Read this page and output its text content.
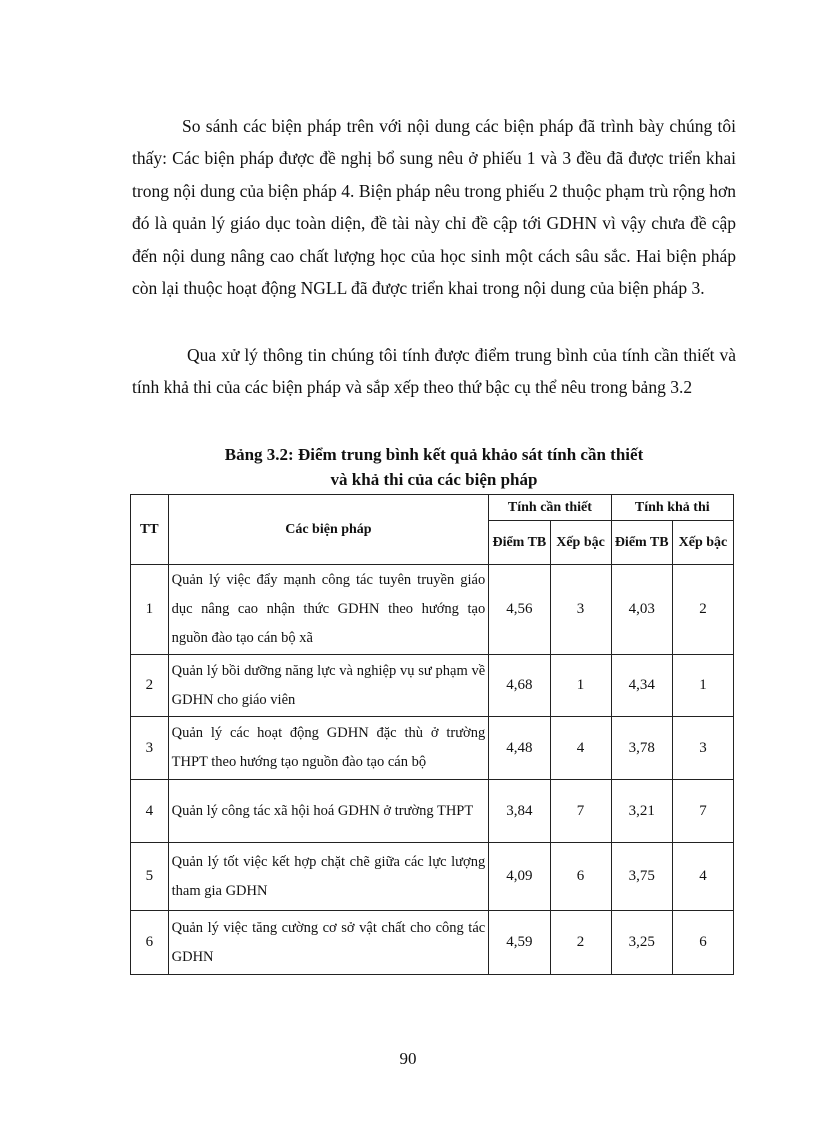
So sánh các biện pháp trên với nội dung các biện pháp đã trình bày chúng tôi thấy: Các biện pháp được đề nghị bổ sung nêu ở phiếu 1 và 3 đều đã được triển khai trong nội dung của biện pháp 4. Biện pháp nêu trong phiếu 2 thuộc phạm trù rộng hơn đó là quản lý giáo dục toàn diện, đề tài này chỉ đề cập tới GDHN vì vậy chưa đề cập đến nội dung nâng cao chất lượng học của học sinh một cách sâu sắc. Hai biện pháp còn lại thuộc hoạt động NGLL đã được triển khai trong nội dung của biện pháp 3.

Qua xử lý thông tin chúng tôi tính được điểm trung bình của tính cần thiết và tính khả thi của các biện pháp và sắp xếp theo thứ bậc cụ thể nêu trong bảng 3.2

Bảng 3.2: Điểm trung bình kết quả khảo sát tính cần thiết
và khả thi của các biện pháp
TT	Các biện pháp	Tính cần thiết		Tính khả thi	
		Điểm TB	Xếp bậc	Điểm TB	Xếp bậc
1	Quản lý việc đẩy mạnh công tác tuyên truyền giáo dục nâng cao nhận thức GDHN theo hướng tạo nguồn đào tạo cán bộ xã	4,56	3	4,03	2
2	Quản lý bồi dưỡng năng lực và nghiệp vụ sư phạm về GDHN cho giáo viên	4,68	1	4,34	1
3	Quản lý các hoạt động GDHN đặc thù ở trường THPT theo hướng tạo nguồn đào tạo cán bộ	4,48	4	3,78	3
4	Quản lý công tác xã hội hoá GDHN ở trường THPT	3,84	7	3,21	7
5	Quản lý tốt việc kết hợp chặt chẽ giữa các lực lượng tham gia GDHN	4,09	6	3,75	4
6	Quản lý việc tăng cường cơ sở vật chất cho công tác GDHN	4,59	2	3,25	6
90
